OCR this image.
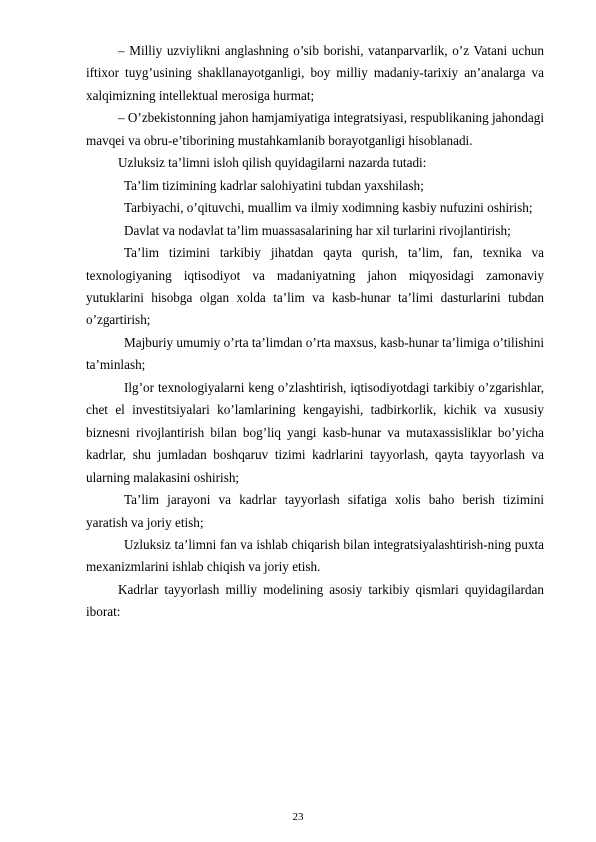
– Milliy uzviylikni anglashning o’sib borishi, vatanparvarlik, o’z Vatani uchun iftixor tuyg’usining shakllanayotganligi, boy milliy madaniy-tarixiy an’analarga va xalqimizning intellektual merosiga hurmat;

– O’zbekistonning jahon hamjamiyatiga integratsiyasi, respublikaning jahondagi mavqei va obru-e’tiborining mustahkamlanib borayotganligi hisoblanadi.

Uzluksiz ta’limni isloh qilish quyidagilarni nazarda tutadi:

Ta’lim tizimining kadrlar salohiyatini tubdan yaxshilash;

Tarbiyachi, o’qituvchi, muallim va ilmiy xodimning kasbiy nufuzini oshirish;

Davlat va nodavlat ta’lim muassasalarining har xil turlarini rivojlantirish;

Ta’lim tizimini tarkibiy jihatdan qayta qurish, ta’lim, fan, texnika va texnologiyaning iqtisodiyot va madaniyatning jahon miqyosidagi zamonaviy yutuklarini hisobga olgan xolda ta’lim va kasb-hunar ta’limi dasturlarini tubdan o’zgartirish;

Majburiy umumiy o’rta ta’limdan o’rta maxsus, kasb-hunar ta’limiga o’tilishini ta’minlash;

Ilg’or texnologiyalarni keng o’zlashtirish, iqtisodiyotdagi tarkibiy o’zgarishlar, chet el investitsiyalari ko’lamlarining kengayishi, tadbirkorlik, kichik va xususiy biznesni rivojlantirish bilan bog’liq yangi kasb-hunar va mutaxassisliklar bo’yicha kadrlar, shu jumladan boshqaruv tizimi kadrlarini tayyorlash, qayta tayyorlash va ularning malakasini oshirish;

Ta’lim jarayoni va kadrlar tayyorlash sifatiga xolis baho berish tizimini yaratish va joriy etish;

Uzluksiz ta’limni fan va ishlab chiqarish bilan integratsiyalashtirish-ning puxta mexanizmlarini ishlab chiqish va joriy etish.

Kadrlar tayyorlash milliy modelining asosiy tarkibiy qismlari quyidagilardan iborat:

23
